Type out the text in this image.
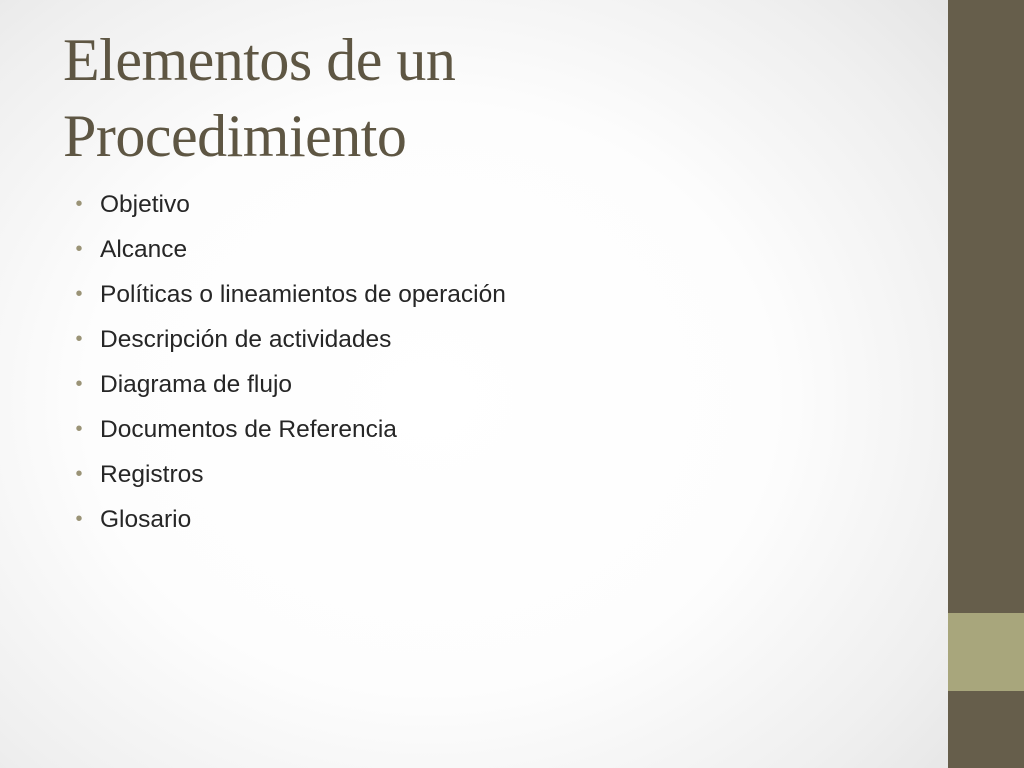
Elementos de un
Procedimiento
• Objetivo
• Alcance
• Políticas o lineamientos de operación
• Descripción de actividades
• Diagrama de flujo
• Documentos de Referencia
• Registros
• Glosario
